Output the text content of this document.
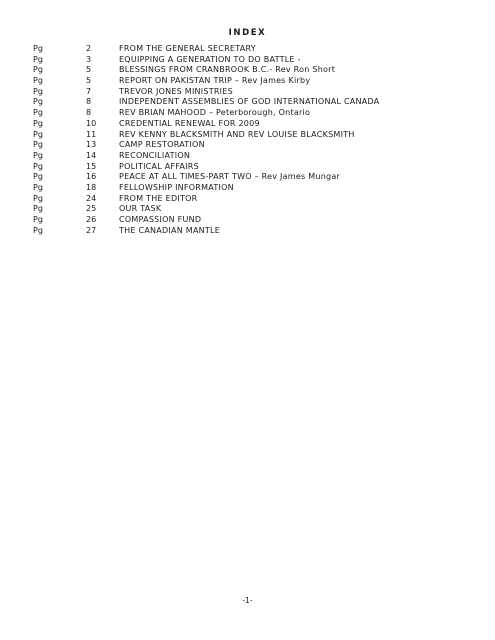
INDEX
Pg	2	FROM THE GENERAL SECRETARY
Pg	3	EQUIPPING A GENERATION TO DO BATTLE -
Pg	5	BLESSINGS FROM CRANBROOK B.C.- Rev Ron Short
Pg	5	REPORT ON PAKISTAN TRIP – Rev James Kirby
Pg	7	TREVOR JONES MINISTRIES
Pg	8	INDEPENDENT ASSEMBLIES OF GOD INTERNATIONAL CANADA
Pg	8	REV BRIAN MAHOOD – Peterborough, Ontario
Pg	10	CREDENTIAL RENEWAL FOR 2009
Pg	11	REV KENNY BLACKSMITH AND REV LOUISE BLACKSMITH
Pg	13	CAMP RESTORATION
Pg	14	RECONCILIATION
Pg	15	POLITICAL AFFAIRS
Pg	16	PEACE AT ALL TIMES-PART TWO – Rev James Mungar
Pg	18	FELLOWSHIP INFORMATION
Pg	24	FROM THE EDITOR
Pg	25	OUR TASK
Pg	26	COMPASSION FUND
Pg	27	THE CANADIAN MANTLE
-1-
